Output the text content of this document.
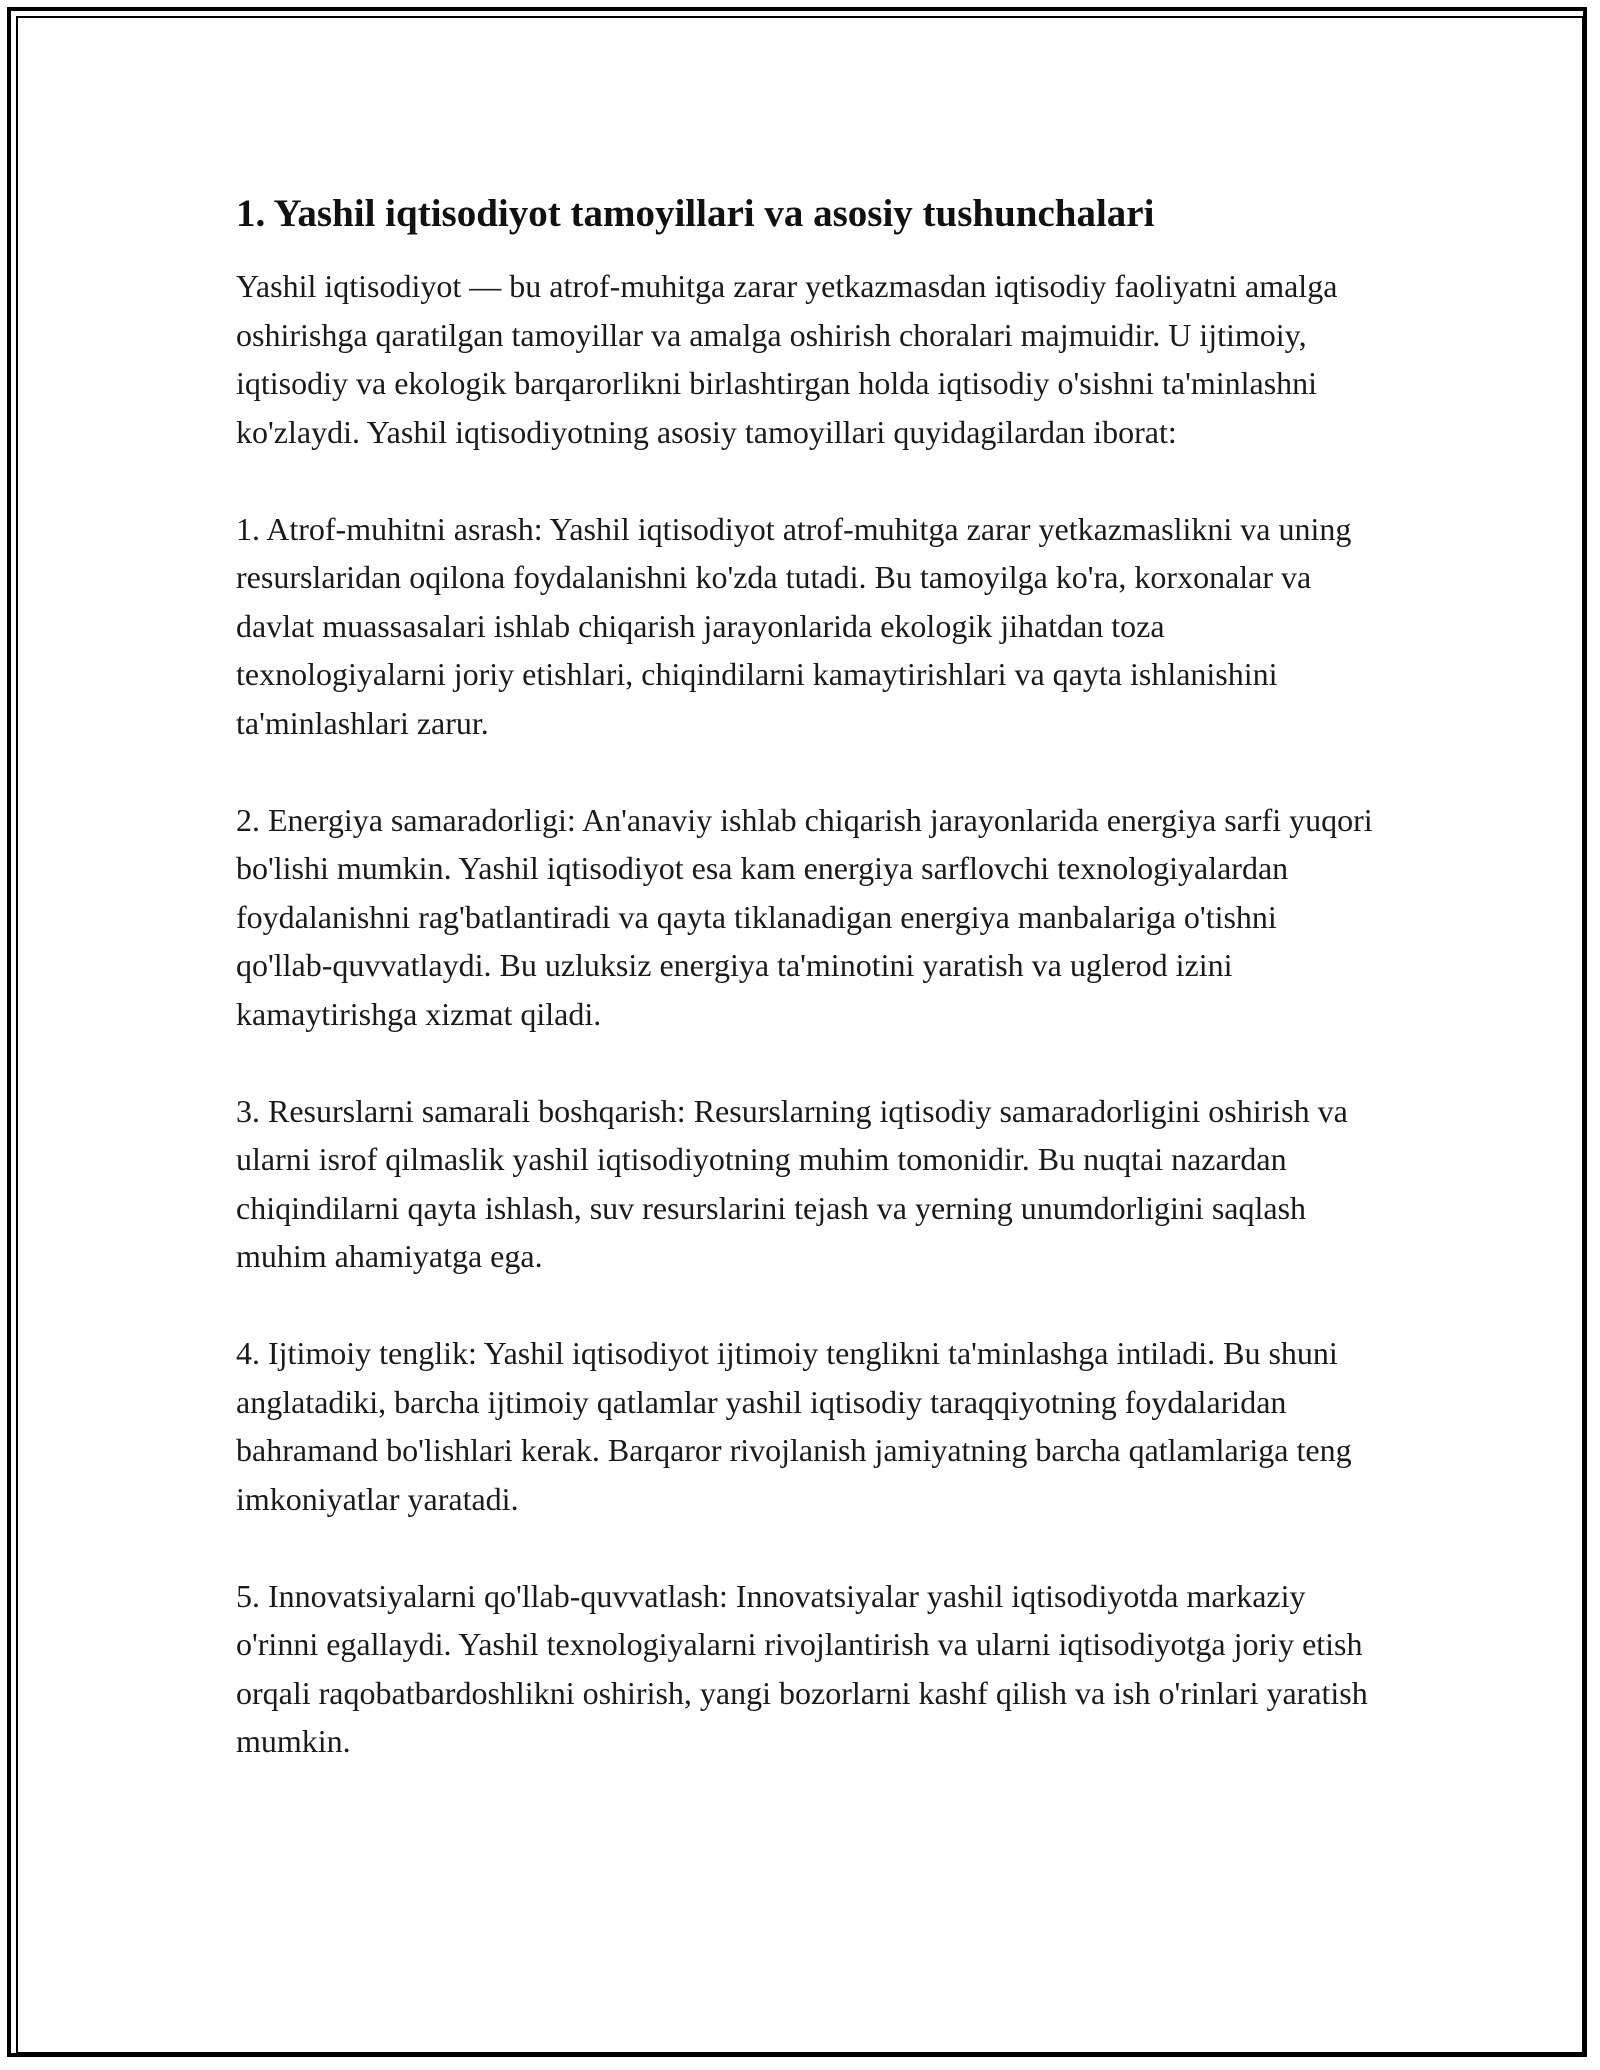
1. Yashil iqtisodiyot tamoyillari va asosiy tushunchalari

Yashil iqtisodiyot — bu atrof-muhitga zarar yetkazmasdan iqtisodiy faoliyatni amalga oshirishga qaratilgan tamoyillar va amalga oshirish choralari majmuidir. U ijtimoiy, iqtisodiy va ekologik barqarorlikni birlashtirgan holda iqtisodiy o'sishni ta'minlashni ko'zlaydi. Yashil iqtisodiyotning asosiy tamoyillari quyidagilardan iborat:

1. Atrof-muhitni asrash: Yashil iqtisodiyot atrof-muhitga zarar yetkazmaslikni va uning resurslaridan oqilona foydalanishni ko'zda tutadi. Bu tamoyilga ko'ra, korxonalar va davlat muassasalari ishlab chiqarish jarayonlarida ekologik jihatdan toza texnologiyalarni joriy etishlari, chiqindilarni kamaytirishlari va qayta ishlanishini ta'minlashlari zarur.

2. Energiya samaradorligi: An'anaviy ishlab chiqarish jarayonlarida energiya sarfi yuqori bo'lishi mumkin. Yashil iqtisodiyot esa kam energiya sarflovchi texnologiyalardan foydalanishni rag'batlantiradi va qayta tiklanadigan energiya manbalariga o'tishni qo'llab-quvvatlaydi. Bu uzluksiz energiya ta'minotini yaratish va uglerod izini kamaytirishga xizmat qiladi.

3. Resurslarni samarali boshqarish: Resurslarning iqtisodiy samaradorligini oshirish va ularni isrof qilmaslik yashil iqtisodiyotning muhim tomonidir. Bu nuqtai nazardan chiqindilarni qayta ishlash, suv resurslarini tejash va yerning unumdorligini saqlash muhim ahamiyatga ega.

4. Ijtimoiy tenglik: Yashil iqtisodiyot ijtimoiy tenglikni ta'minlashga intiladi. Bu shuni anglatadiki, barcha ijtimoiy qatlamlar yashil iqtisodiy taraqqiyotning foydalaridan bahramand bo'lishlari kerak. Barqaror rivojlanish jamiyatning barcha qatlamlariga teng imkoniyatlar yaratadi.

5. Innovatsiyalarni qo'llab-quvvatlash: Innovatsiyalar yashil iqtisodiyotda markaziy o'rinni egallaydi. Yashil texnologiyalarni rivojlantirish va ularni iqtisodiyotga joriy etish orqali raqobatbardoshlikni oshirish, yangi bozorlarni kashf qilish va ish o'rinlari yaratish mumkin.
